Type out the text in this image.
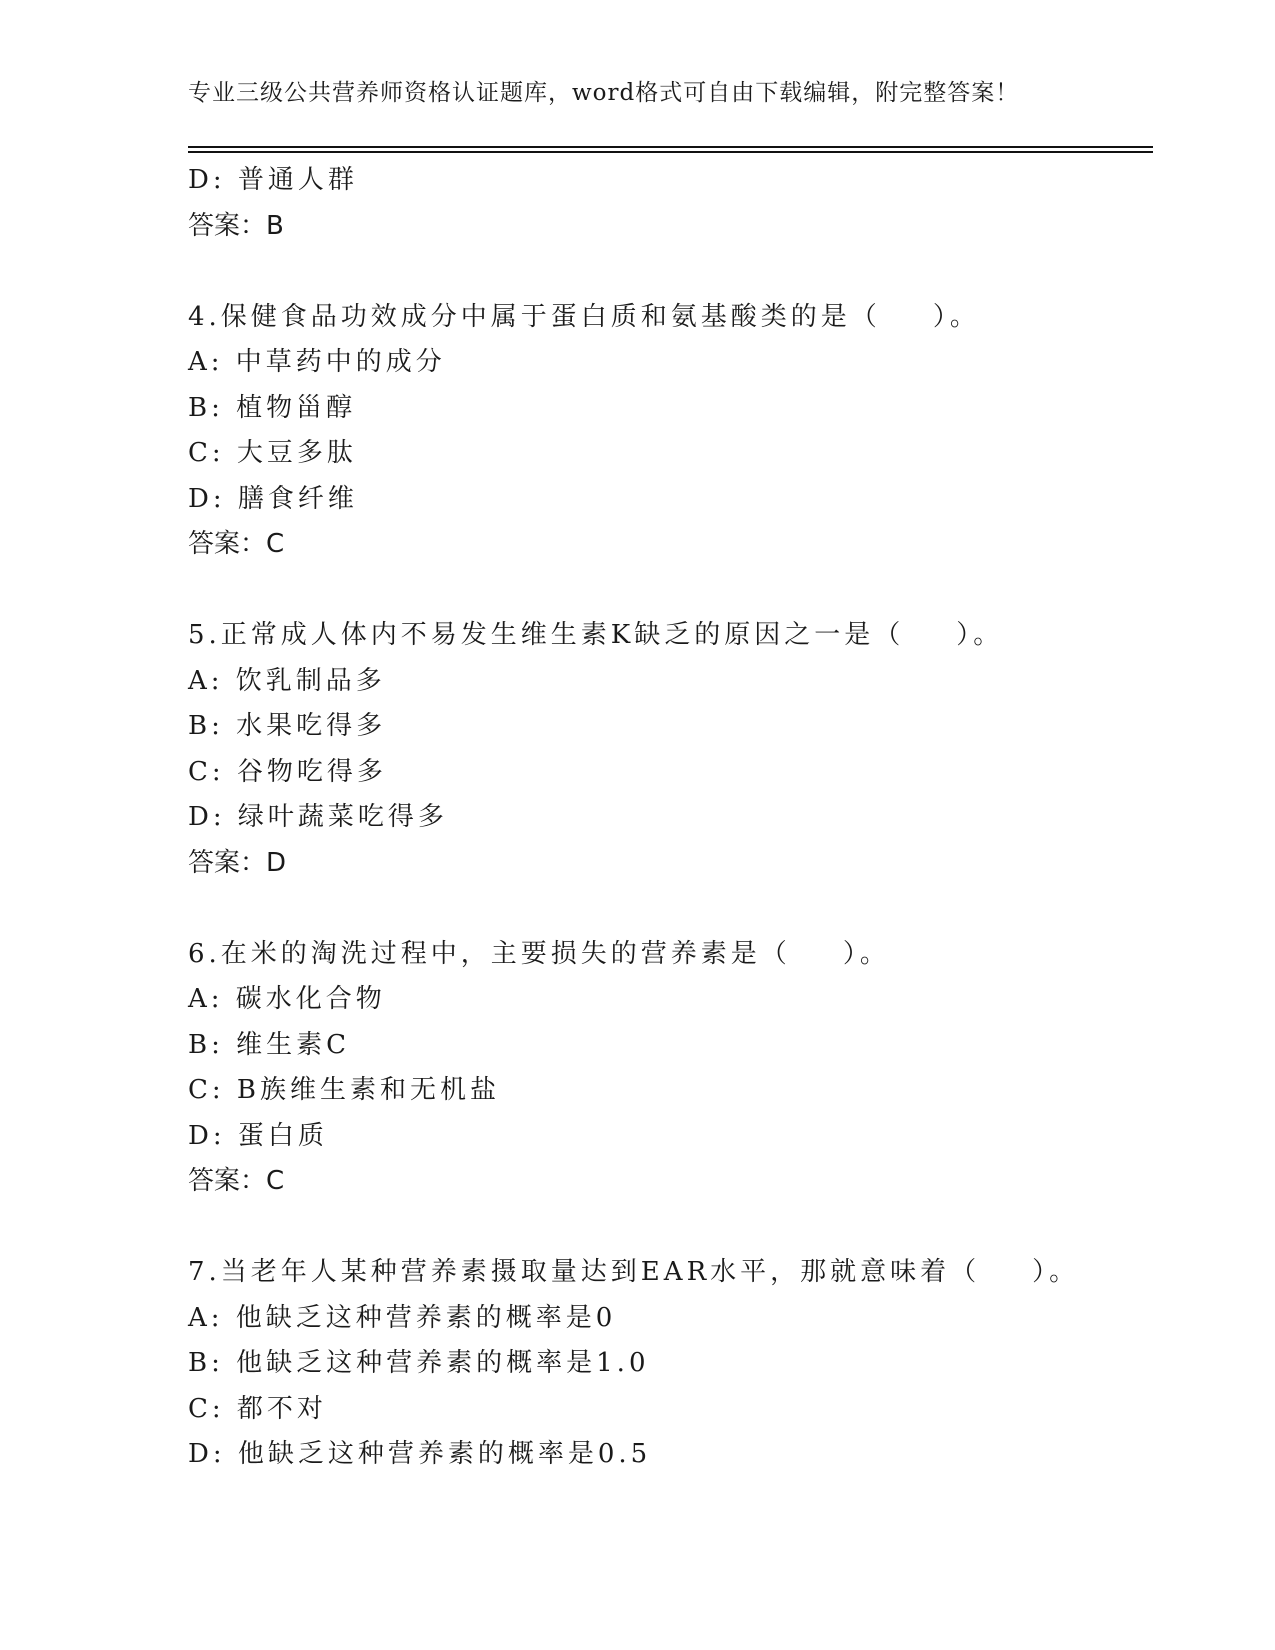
专业三级公共营养师资格认证题库，word格式可自由下载编辑，附完整答案！
D: 普通人群
答案：B
4.保健食品功效成分中属于蛋白质和氨基酸类的是（ ）。
A: 中草药中的成分
B: 植物甾醇
C: 大豆多肽
D: 膳食纤维
答案：C
5.正常成人体内不易发生维生素K缺乏的原因之一是（ ）。
A: 饮乳制品多
B: 水果吃得多
C: 谷物吃得多
D: 绿叶蔬菜吃得多
答案：D
6.在米的淘洗过程中，主要损失的营养素是（ ）。
A: 碳水化合物
B: 维生素C
C: B族维生素和无机盐
D: 蛋白质
答案：C
7.当老年人某种营养素摄取量达到EAR水平，那就意味着（ ）。
A: 他缺乏这种营养素的概率是0
B: 他缺乏这种营养素的概率是1.0
C: 都不对
D: 他缺乏这种营养素的概率是0.5
